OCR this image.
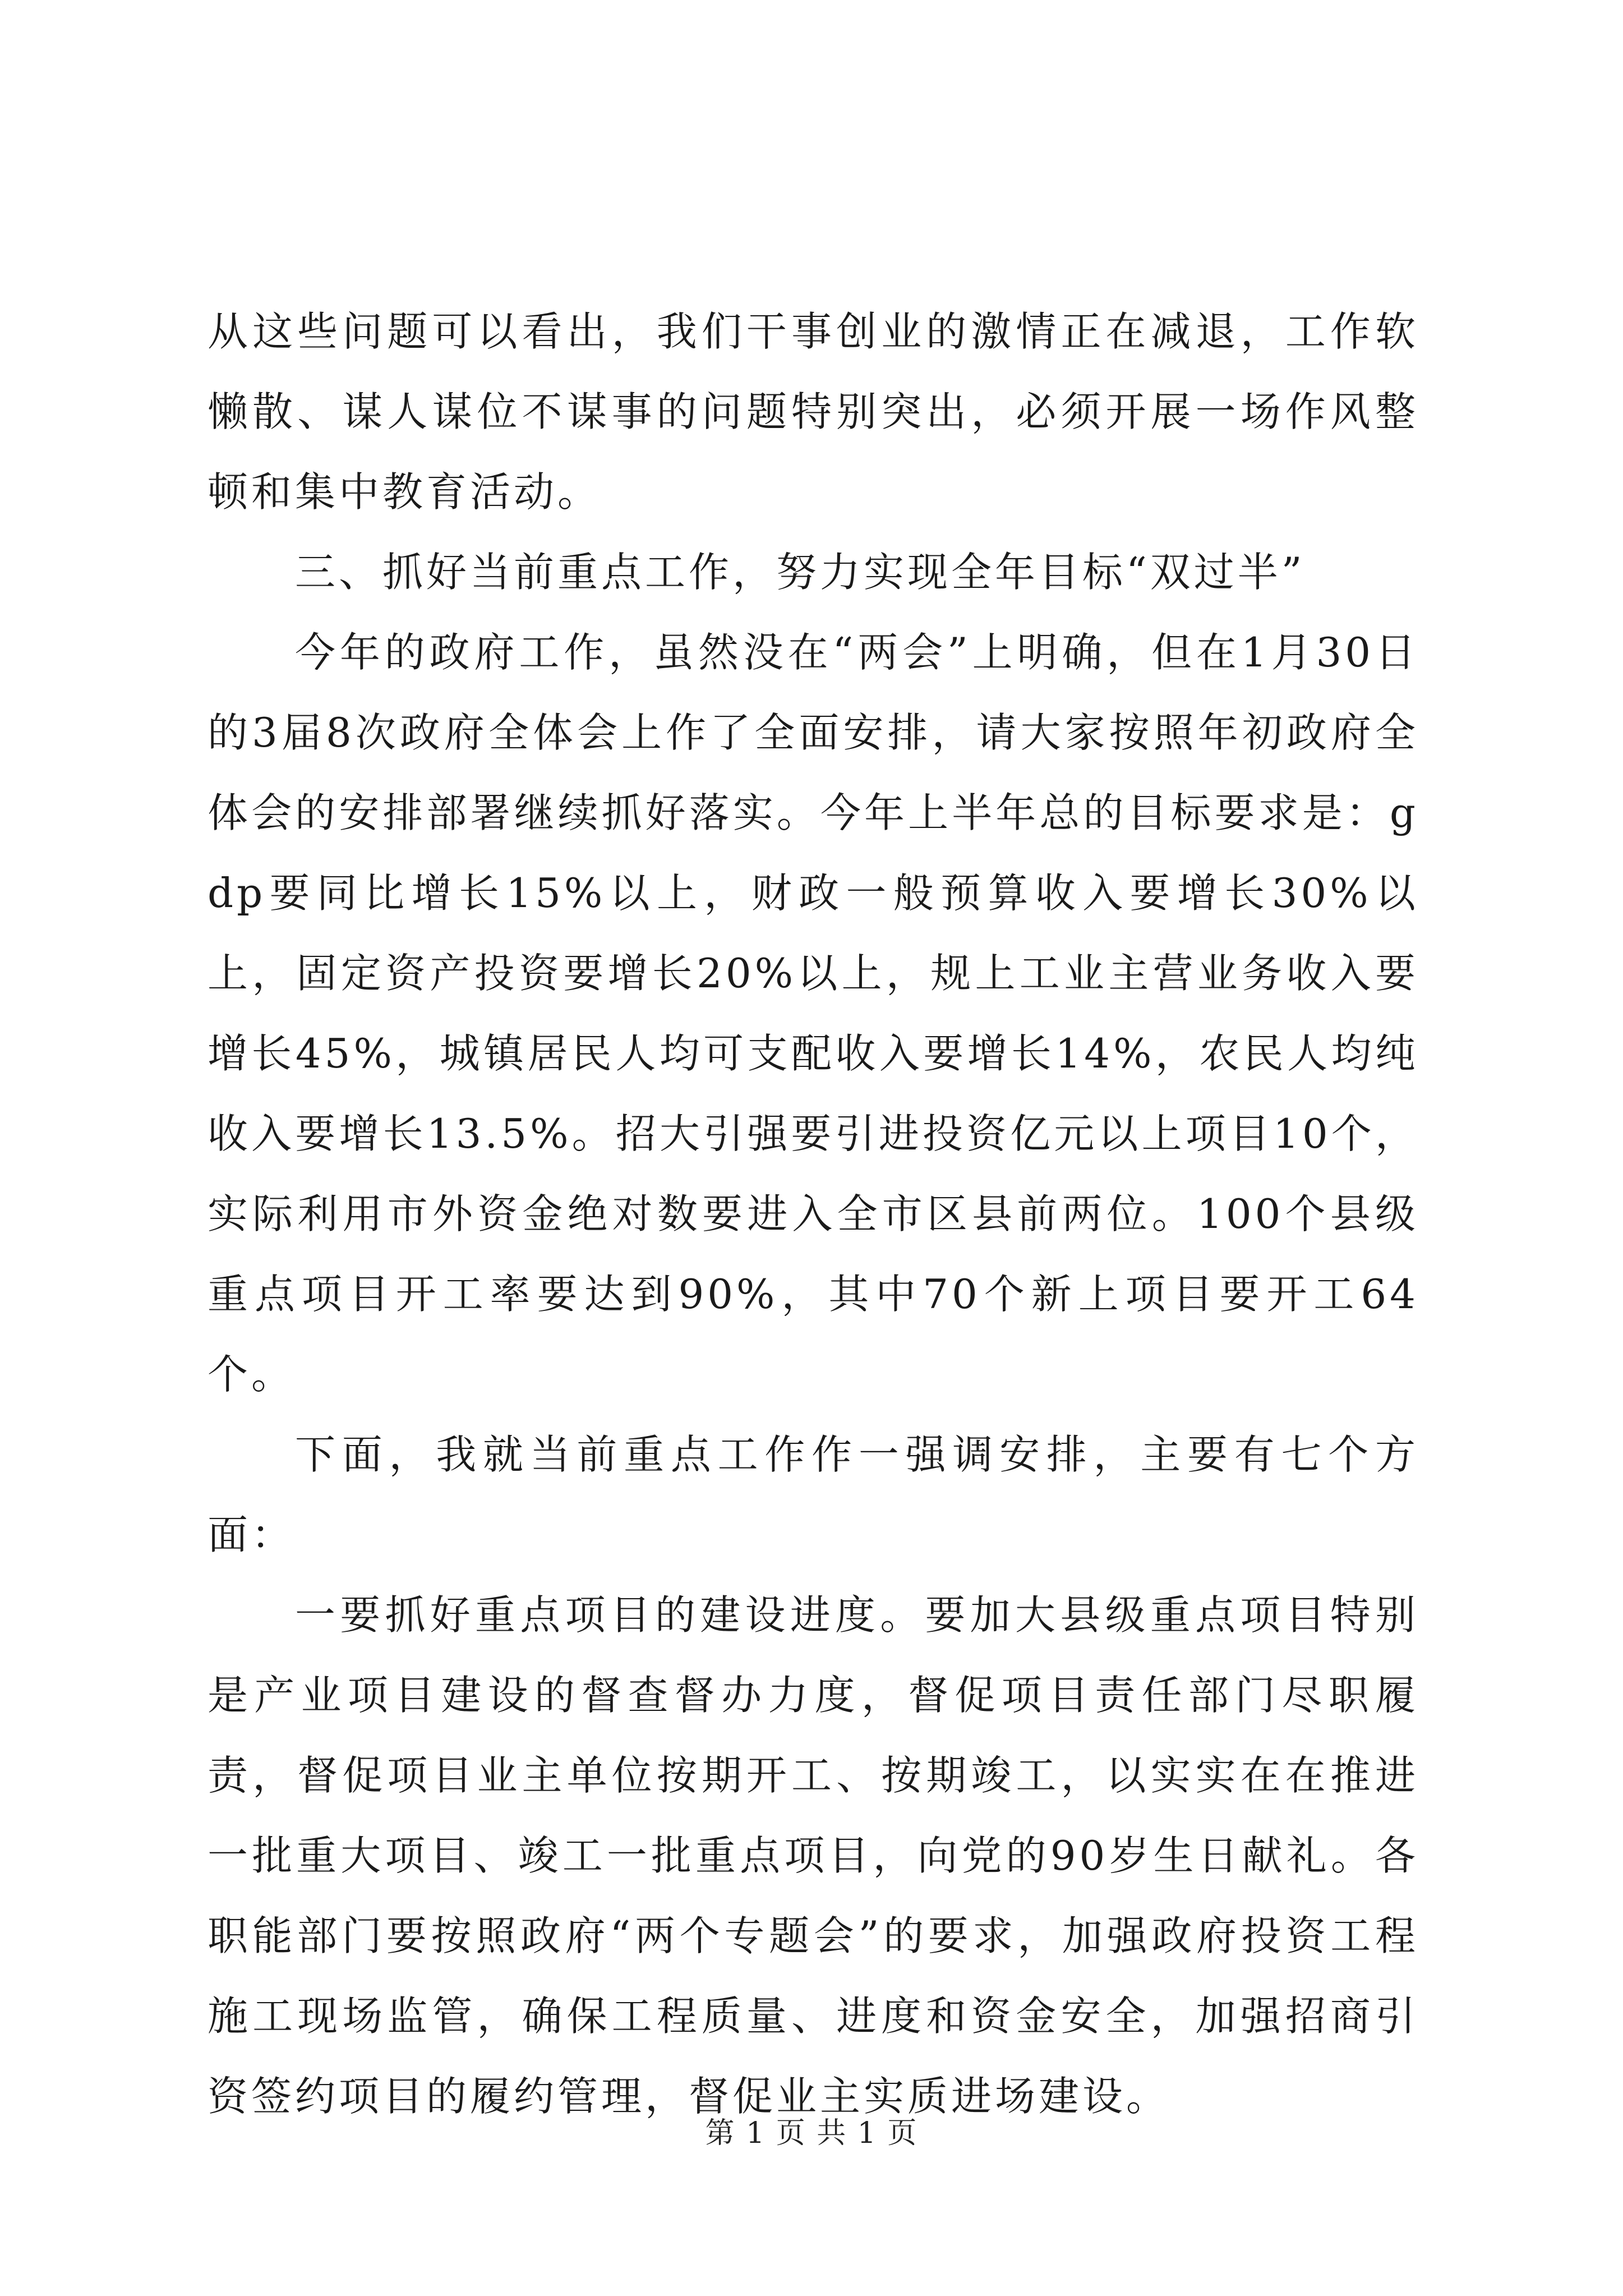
从这些问题可以看出，我们干事创业的激情正在减退，工作软懒散、谋人谋位不谋事的问题特别突出，必须开展一场作风整顿和集中教育活动。

三、抓好当前重点工作，努力实现全年目标“双过半”

今年的政府工作，虽然没在“两会”上明确，但在1月30日的3届8次政府全体会上作了全面安排，请大家按照年初政府全体会的安排部署继续抓好落实。今年上半年总的目标要求是：gdp要同比增长15%以上，财政一般预算收入要增长30%以上，固定资产投资要增长20%以上，规上工业主营业务收入要增长45%，城镇居民人均可支配收入要增长14%，农民人均纯收入要增长13.5%。招大引强要引进投资亿元以上项目10个，实际利用市外资金绝对数要进入全市区县前两位。100个县级重点项目开工率要达到90%，其中70个新上项目要开工64个。

下面，我就当前重点工作作一强调安排，主要有七个方面：

一要抓好重点项目的建设进度。要加大县级重点项目特别是产业项目建设的督查督办力度，督促项目责任部门尽职履责，督促项目业主单位按期开工、按期竣工，以实实在在推进一批重大项目、竣工一批重点项目，向党的90岁生日献礼。各职能部门要按照政府“两个专题会”的要求，加强政府投资工程施工现场监管，确保工程质量、进度和资金安全，加强招商引资签约项目的履约管理，督促业主实质进场建设。

第 1 页 共 1 页
